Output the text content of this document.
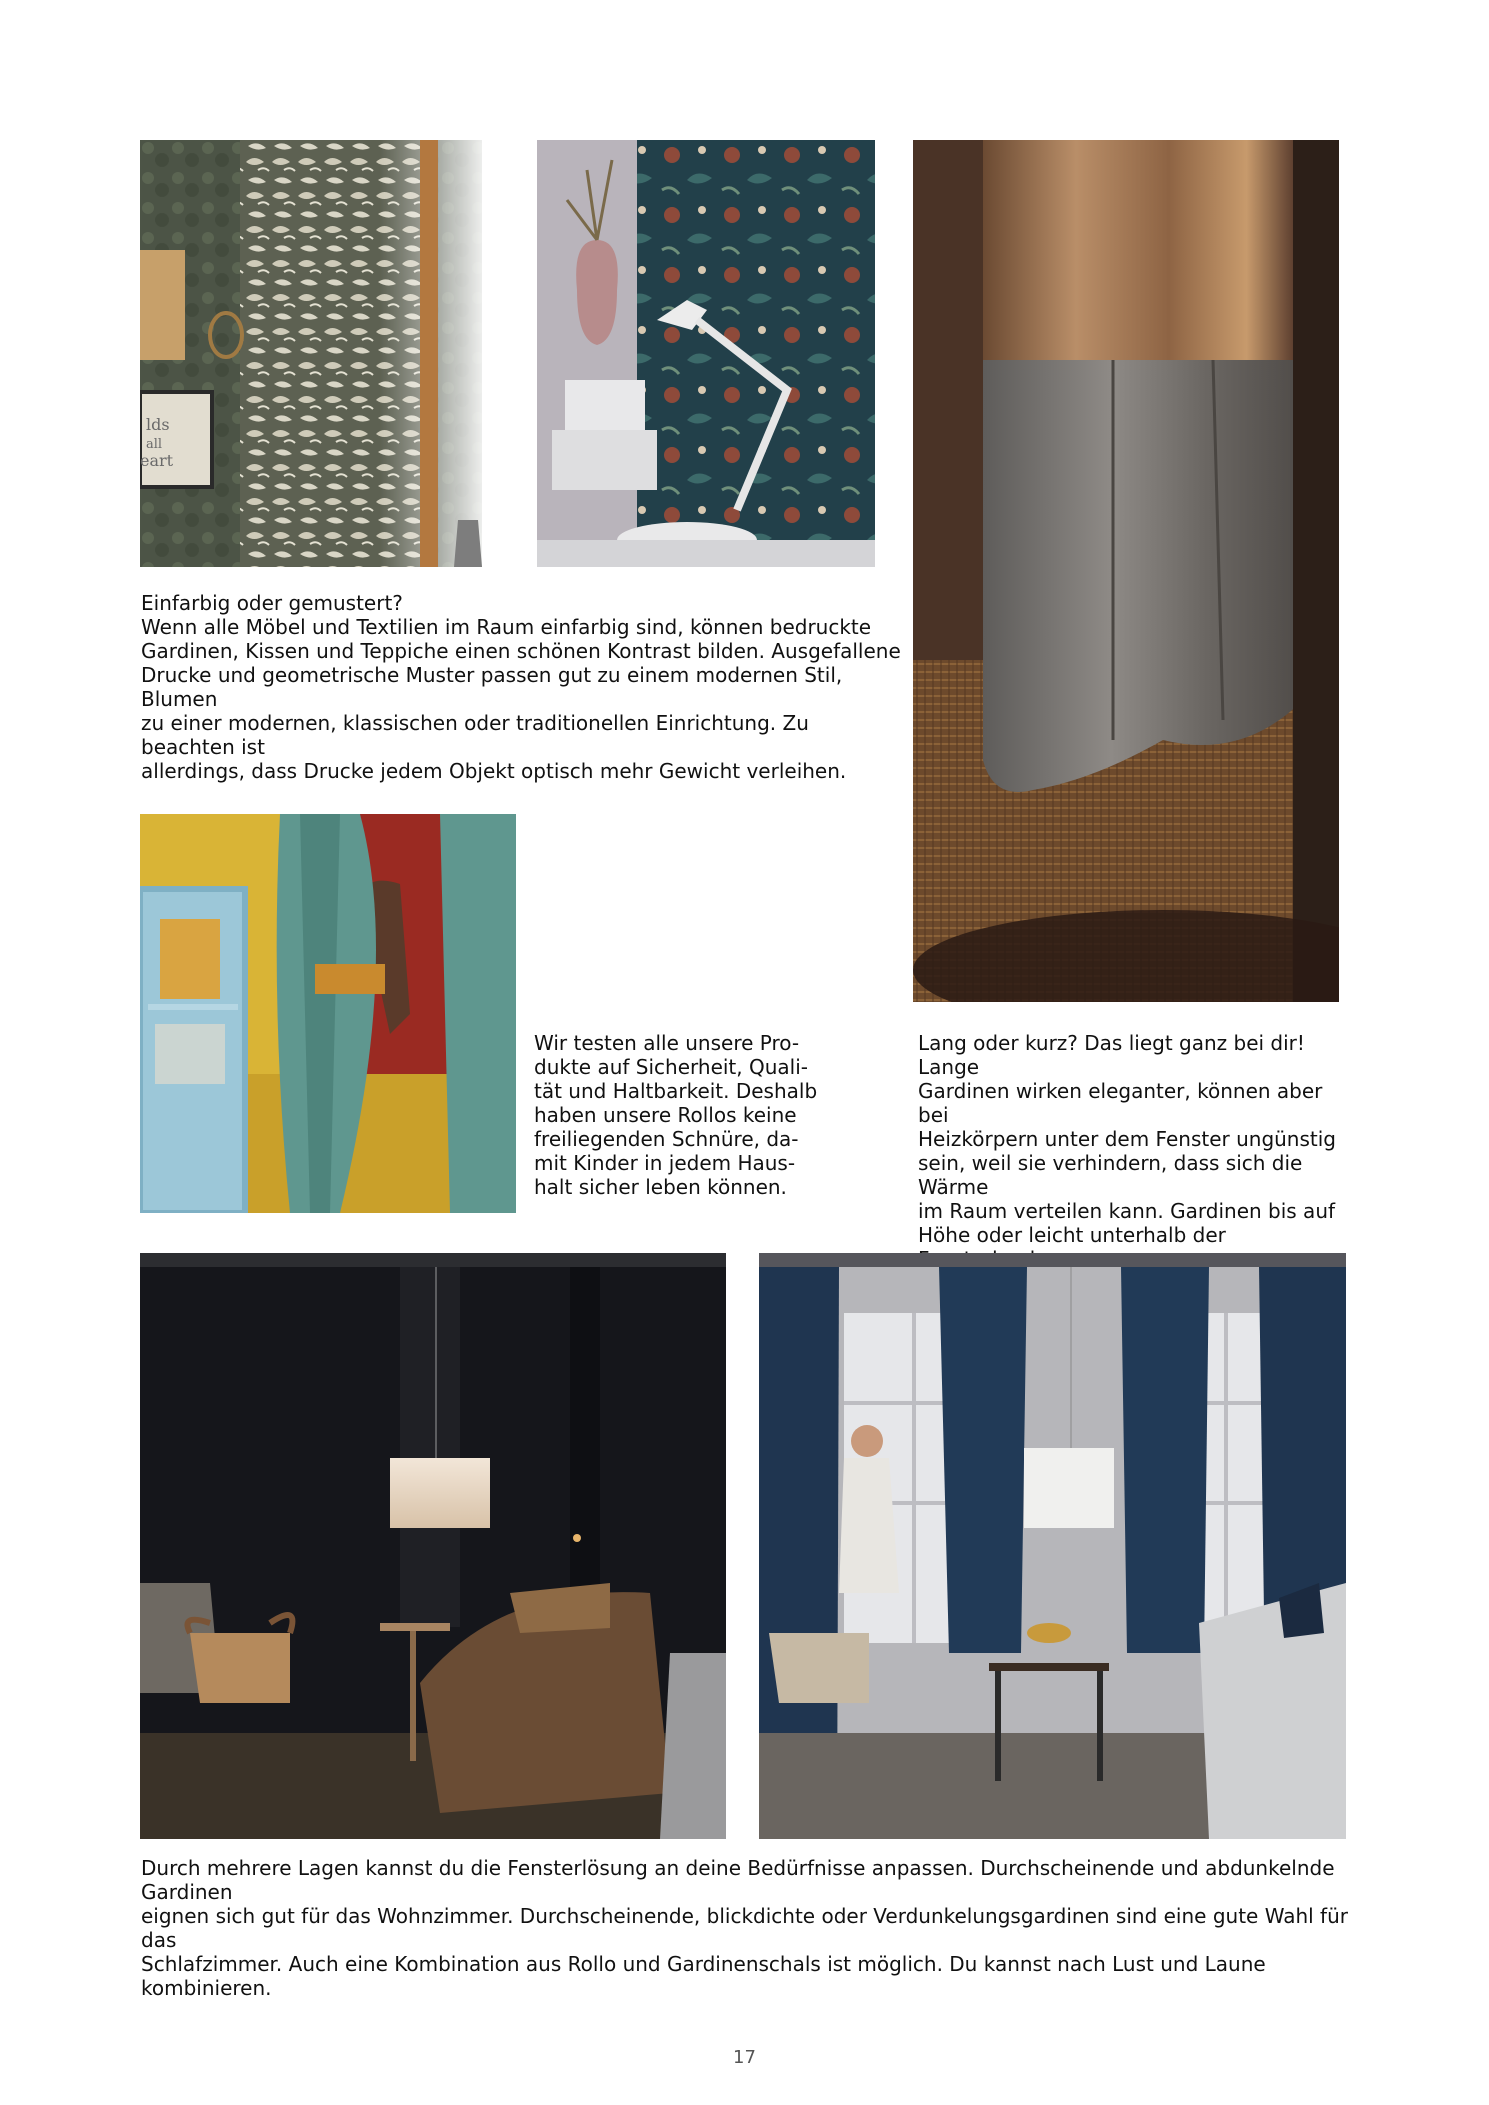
lds
all
eart
Einfarbig oder gemustert?
Wenn alle Möbel und Textilien im Raum einfarbig sind, können bedruckte
Gardinen, Kissen und Teppiche einen schönen Kontrast bilden. Ausgefallene
Drucke und geometrische Muster passen gut zu einem modernen Stil, Blumen
zu einer modernen, klassischen oder traditionellen Einrichtung. Zu beachten ist
allerdings, dass Drucke jedem Objekt optisch mehr Gewicht verleihen.
Wir testen alle unsere Pro-
dukte auf Sicherheit, Quali-
tät und Haltbarkeit. Deshalb
haben unsere Rollos keine
freiliegenden Schnüre, da-
mit Kinder in jedem Haus-
halt sicher leben können.
Lang oder kurz? Das liegt ganz bei dir! Lange
Gardinen wirken eleganter, können aber bei
Heizkörpern unter dem Fenster ungünstig
sein, weil sie verhindern, dass sich die Wärme
im Raum verteilen kann. Gardinen bis auf
Höhe oder leicht unterhalb der

Durch mehrere Lagen kannst du die Fensterlösung an deine Bedürfnisse anpassen. Durchscheinende und abdunkelnde Gardinen
eignen sich gut für das Wohnzimmer. Durchscheinende, blickdichte oder Verdunkelungsgardinen sind eine gute Wahl für das
Schlafzimmer. Auch eine Kombination aus Rollo und Gardinenschals ist möglich. Du kannst nach Lust und Laune kombinieren.
17
